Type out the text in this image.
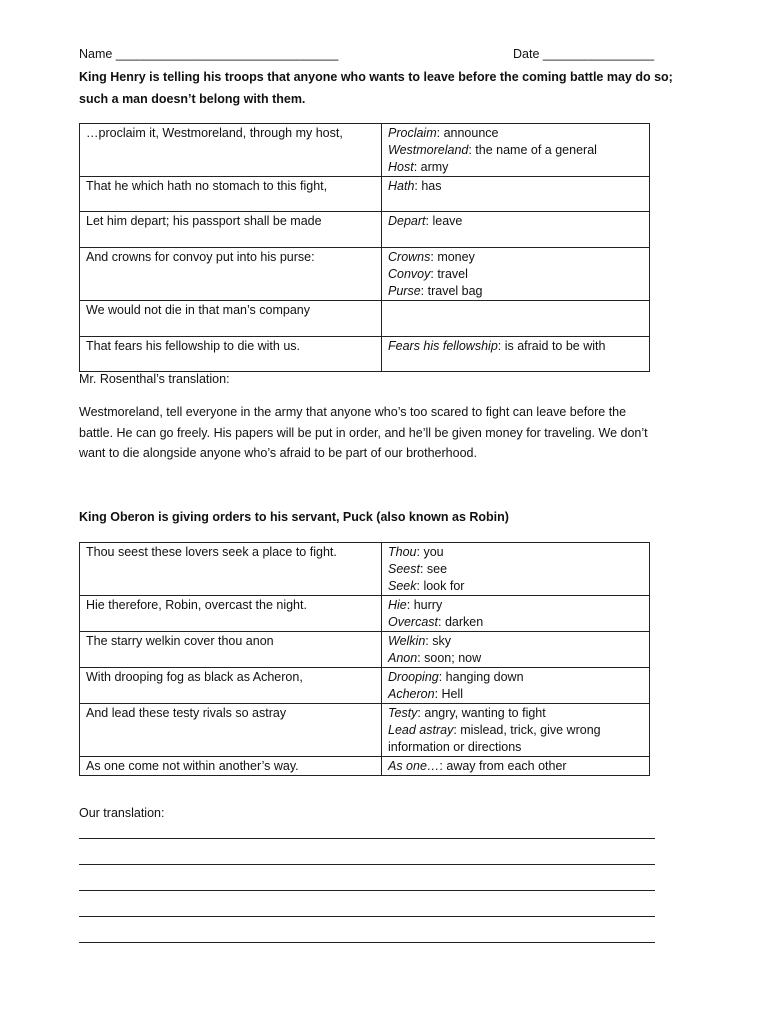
Name ________________________________	Date ________________
King Henry is telling his troops that anyone who wants to leave before the coming battle may do so;
such a man doesn’t belong with them.
…proclaim it, Westmoreland, through my host,	Proclaim: announce
Westmoreland: the name of a general
Host: army

That he which hath no stomach to this fight,	Hath: has

Let him depart; his passport shall be made	Depart: leave

And crowns for convoy put into his purse:	Crowns: money
Convoy: travel
Purse: travel bag

We would not die in that man’s company	
That fears his fellowship to die with us.	Fears his fellowship: is afraid to be with
Mr. Rosenthal’s translation:
Westmoreland, tell everyone in the army that anyone who’s too scared to fight can leave before the
battle. He can go freely. His papers will be put in order, and he’ll be given money for traveling. We don’t
want to die alongside anyone who’s afraid to be part of our brotherhood.
King Oberon is giving orders to his servant, Puck (also known as Robin)
Thou seest these lovers seek a place to fight.	Thou: you
Seest: see
Seek: look for

Hie therefore, Robin, overcast the night.	Hie: hurry
Overcast: darken

The starry welkin cover thou anon	Welkin: sky
Anon: soon; now

With drooping fog as black as Acheron,	Drooping: hanging down
Acheron: Hell

And lead these testy rivals so astray	Testy: angry, wanting to fight
Lead astray: mislead, trick, give wrong information or directions

As one come not within another’s way.	As one…: away from each other
Our translation:
